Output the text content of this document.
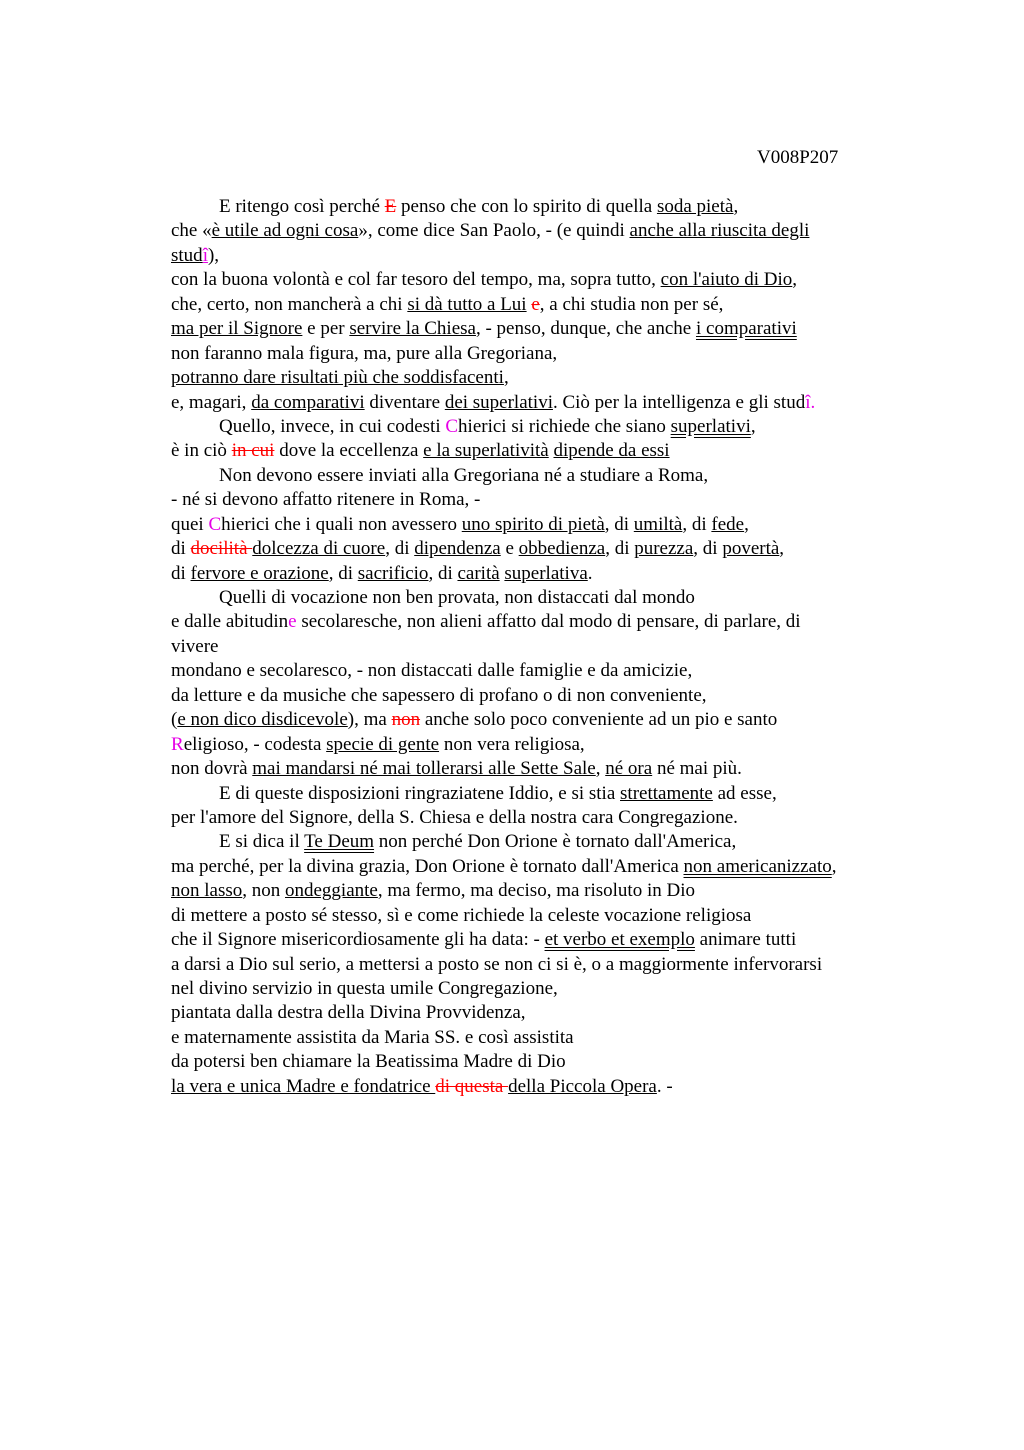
V008P207
E ritengo così perché E penso che con lo spirito di quella soda pietà,
che «è utile ad ogni cosa», come dice San Paolo, - (e quindi anche alla riuscita degli
studî),
con la buona volontà e col far tesoro del tempo, ma, sopra tutto, con l'aiuto di Dio,
che, certo, non mancherà a chi si dà tutto a Lui e, a chi studia non per sé,
ma per il Signore e per servire la Chiesa, - penso, dunque, che anche i comparativi
non faranno mala figura, ma, pure alla Gregoriana,
potranno dare risultati più che soddisfacenti,
e, magari, da comparativi diventare dei superlativi. Ciò per la intelligenza e gli studî.
Quello, invece, in cui codesti Chierici si richiede che siano superlativi,
è in ciò in cui dove la eccellenza e la superlatività dipende da essi
Non devono essere inviati alla Gregoriana né a studiare a Roma,
- né si devono affatto ritenere in Roma, -
quei Chierici che i quali non avessero uno spirito di pietà, di umiltà, di fede,
di docilità dolcezza di cuore, di dipendenza e obbedienza, di purezza, di povertà,
di fervore e orazione, di sacrificio, di carità superlativa.
Quelli di vocazione non ben provata, non distaccati dal mondo
e dalle abitudine secolaresche, non alieni affatto dal modo di pensare, di parlare, di
vivere
mondano e secolaresco, - non distaccati dalle famiglie e da amicizie,
da letture e da musiche che sapessero di profano o di non conveniente,
(e non dico disdicevole), ma non anche solo poco conveniente ad un pio e santo
Religioso, - codesta specie di gente non vera religiosa,
non dovrà mai mandarsi né mai tollerarsi alle Sette Sale, né ora né mai più.
E di queste disposizioni ringraziatene Iddio, e si stia strettamente ad esse,
per l'amore del Signore, della S. Chiesa e della nostra cara Congregazione.
E si dica il Te Deum non perché Don Orione è tornato dall'America,
ma perché, per la divina grazia, Don Orione è tornato dall'America non americanizzato,
non lasso, non ondeggiante, ma fermo, ma deciso, ma risoluto in Dio
di mettere a posto sé stesso, sì e come richiede la celeste vocazione religiosa
che il Signore misericordiosamente gli ha data: - et verbo et exemplo animare tutti
a darsi a Dio sul serio, a mettersi a posto se non ci si è, o a maggiormente infervorarsi
nel divino servizio in questa umile Congregazione,
piantata dalla destra della Divina Provvidenza,
e maternamente assistita da Maria SS. e così assistita
da potersi ben chiamare la Beatissima Madre di Dio
la vera e unica Madre e fondatrice di questa della Piccola Opera. -
